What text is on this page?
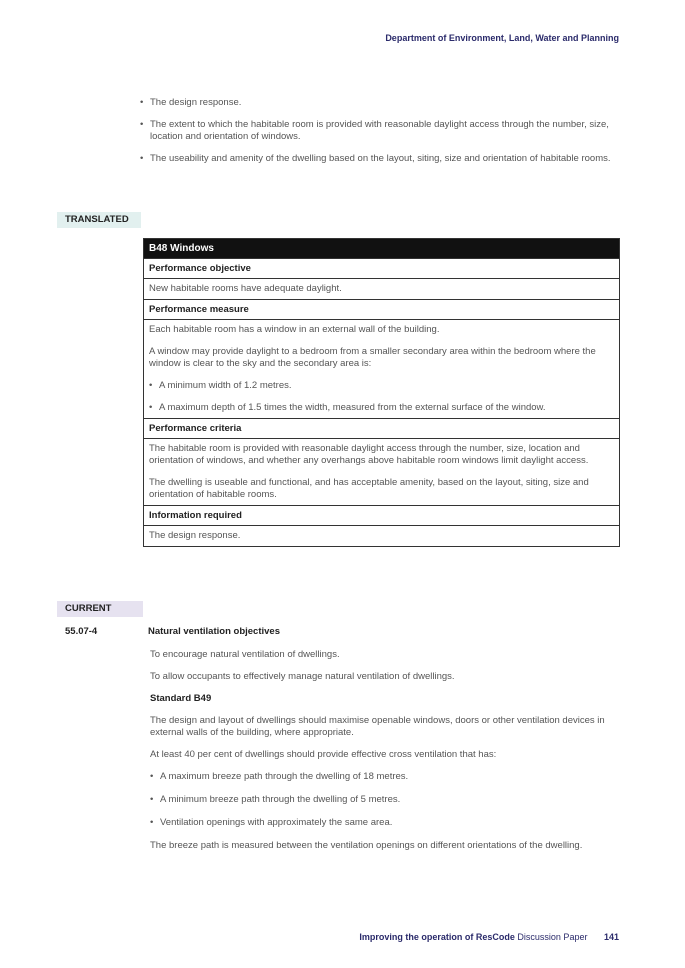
Department of Environment, Land, Water and Planning
• The design response.
• The extent to which the habitable room is provided with reasonable daylight access through the number, size, location and orientation of windows.
• The useability and amenity of the dwelling based on the layout, siting, size and orientation of habitable rooms.
TRANSLATED
B48 Windows
Performance objective

New habitable rooms have adequate daylight.

Performance measure

Each habitable room has a window in an external wall of the building.

A window may provide daylight to a bedroom from a smaller secondary area within the bedroom where the window is clear to the sky and the secondary area is:

• A minimum width of 1.2 metres.
• A maximum depth of 1.5 times the width, measured from the external surface of the window.
Performance criteria

The habitable room is provided with reasonable daylight access through the number, size, location and orientation of windows, and whether any overhangs above habitable room windows limit daylight access.

The dwelling is useable and functional, and has acceptable amenity, based on the layout, siting, size and orientation of habitable rooms.

Information required

The design response.

CURRENT
55.07-4	Natural ventilation objectives

To encourage natural ventilation of dwellings.

To allow occupants to effectively manage natural ventilation of dwellings.

Standard B49

The design and layout of dwellings should maximise openable windows, doors or other ventilation devices in external walls of the building, where appropriate.

At least 40 per cent of dwellings should provide effective cross ventilation that has:

• A maximum breeze path through the dwelling of 18 metres.
• A minimum breeze path through the dwelling of 5 metres.
• Ventilation openings with approximately the same area.

The breeze path is measured between the ventilation openings on different orientations of the dwelling.

Improving the operation of ResCode Discussion Paper 141
